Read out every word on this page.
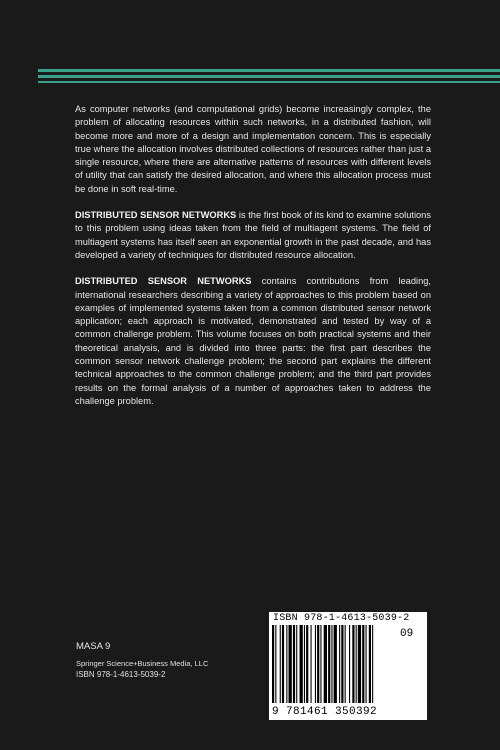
As computer networks (and computational grids) become increasingly complex, the problem of allocating resources within such networks, in a distributed fashion, will become more and more of a design and implementation concern. This is especially true where the allocation involves distributed collections of resources rather than just a single resource, where there are alternative patterns of resources with different levels of utility that can satisfy the desired allocation, and where this allocation process must be done in soft real-time.

DISTRIBUTED SENSOR NETWORKS is the first book of its kind to examine solutions to this problem using ideas taken from the field of multiagent systems. The field of multiagent systems has itself seen an exponential growth in the past decade, and has developed a variety of techniques for distributed resource allocation.

DISTRIBUTED SENSOR NETWORKS contains contributions from leading, international researchers describing a variety of approaches to this problem based on examples of implemented systems taken from a common distributed sensor network application; each approach is motivated, demonstrated and tested by way of a common challenge problem. This volume focuses on both practical systems and their theoretical analysis, and is divided into three parts: the first part describes the common sensor network challenge problem; the second part explains the different technical approaches to the common challenge problem; and the third part provides results on the formal analysis of a number of approaches taken to address the challenge problem.

MASA 9
Springer Science+Business Media, LLC
ISBN 978-1-4613-5039-2
ISBN 978-1-4613-5039-2
09
9 781461 350392
